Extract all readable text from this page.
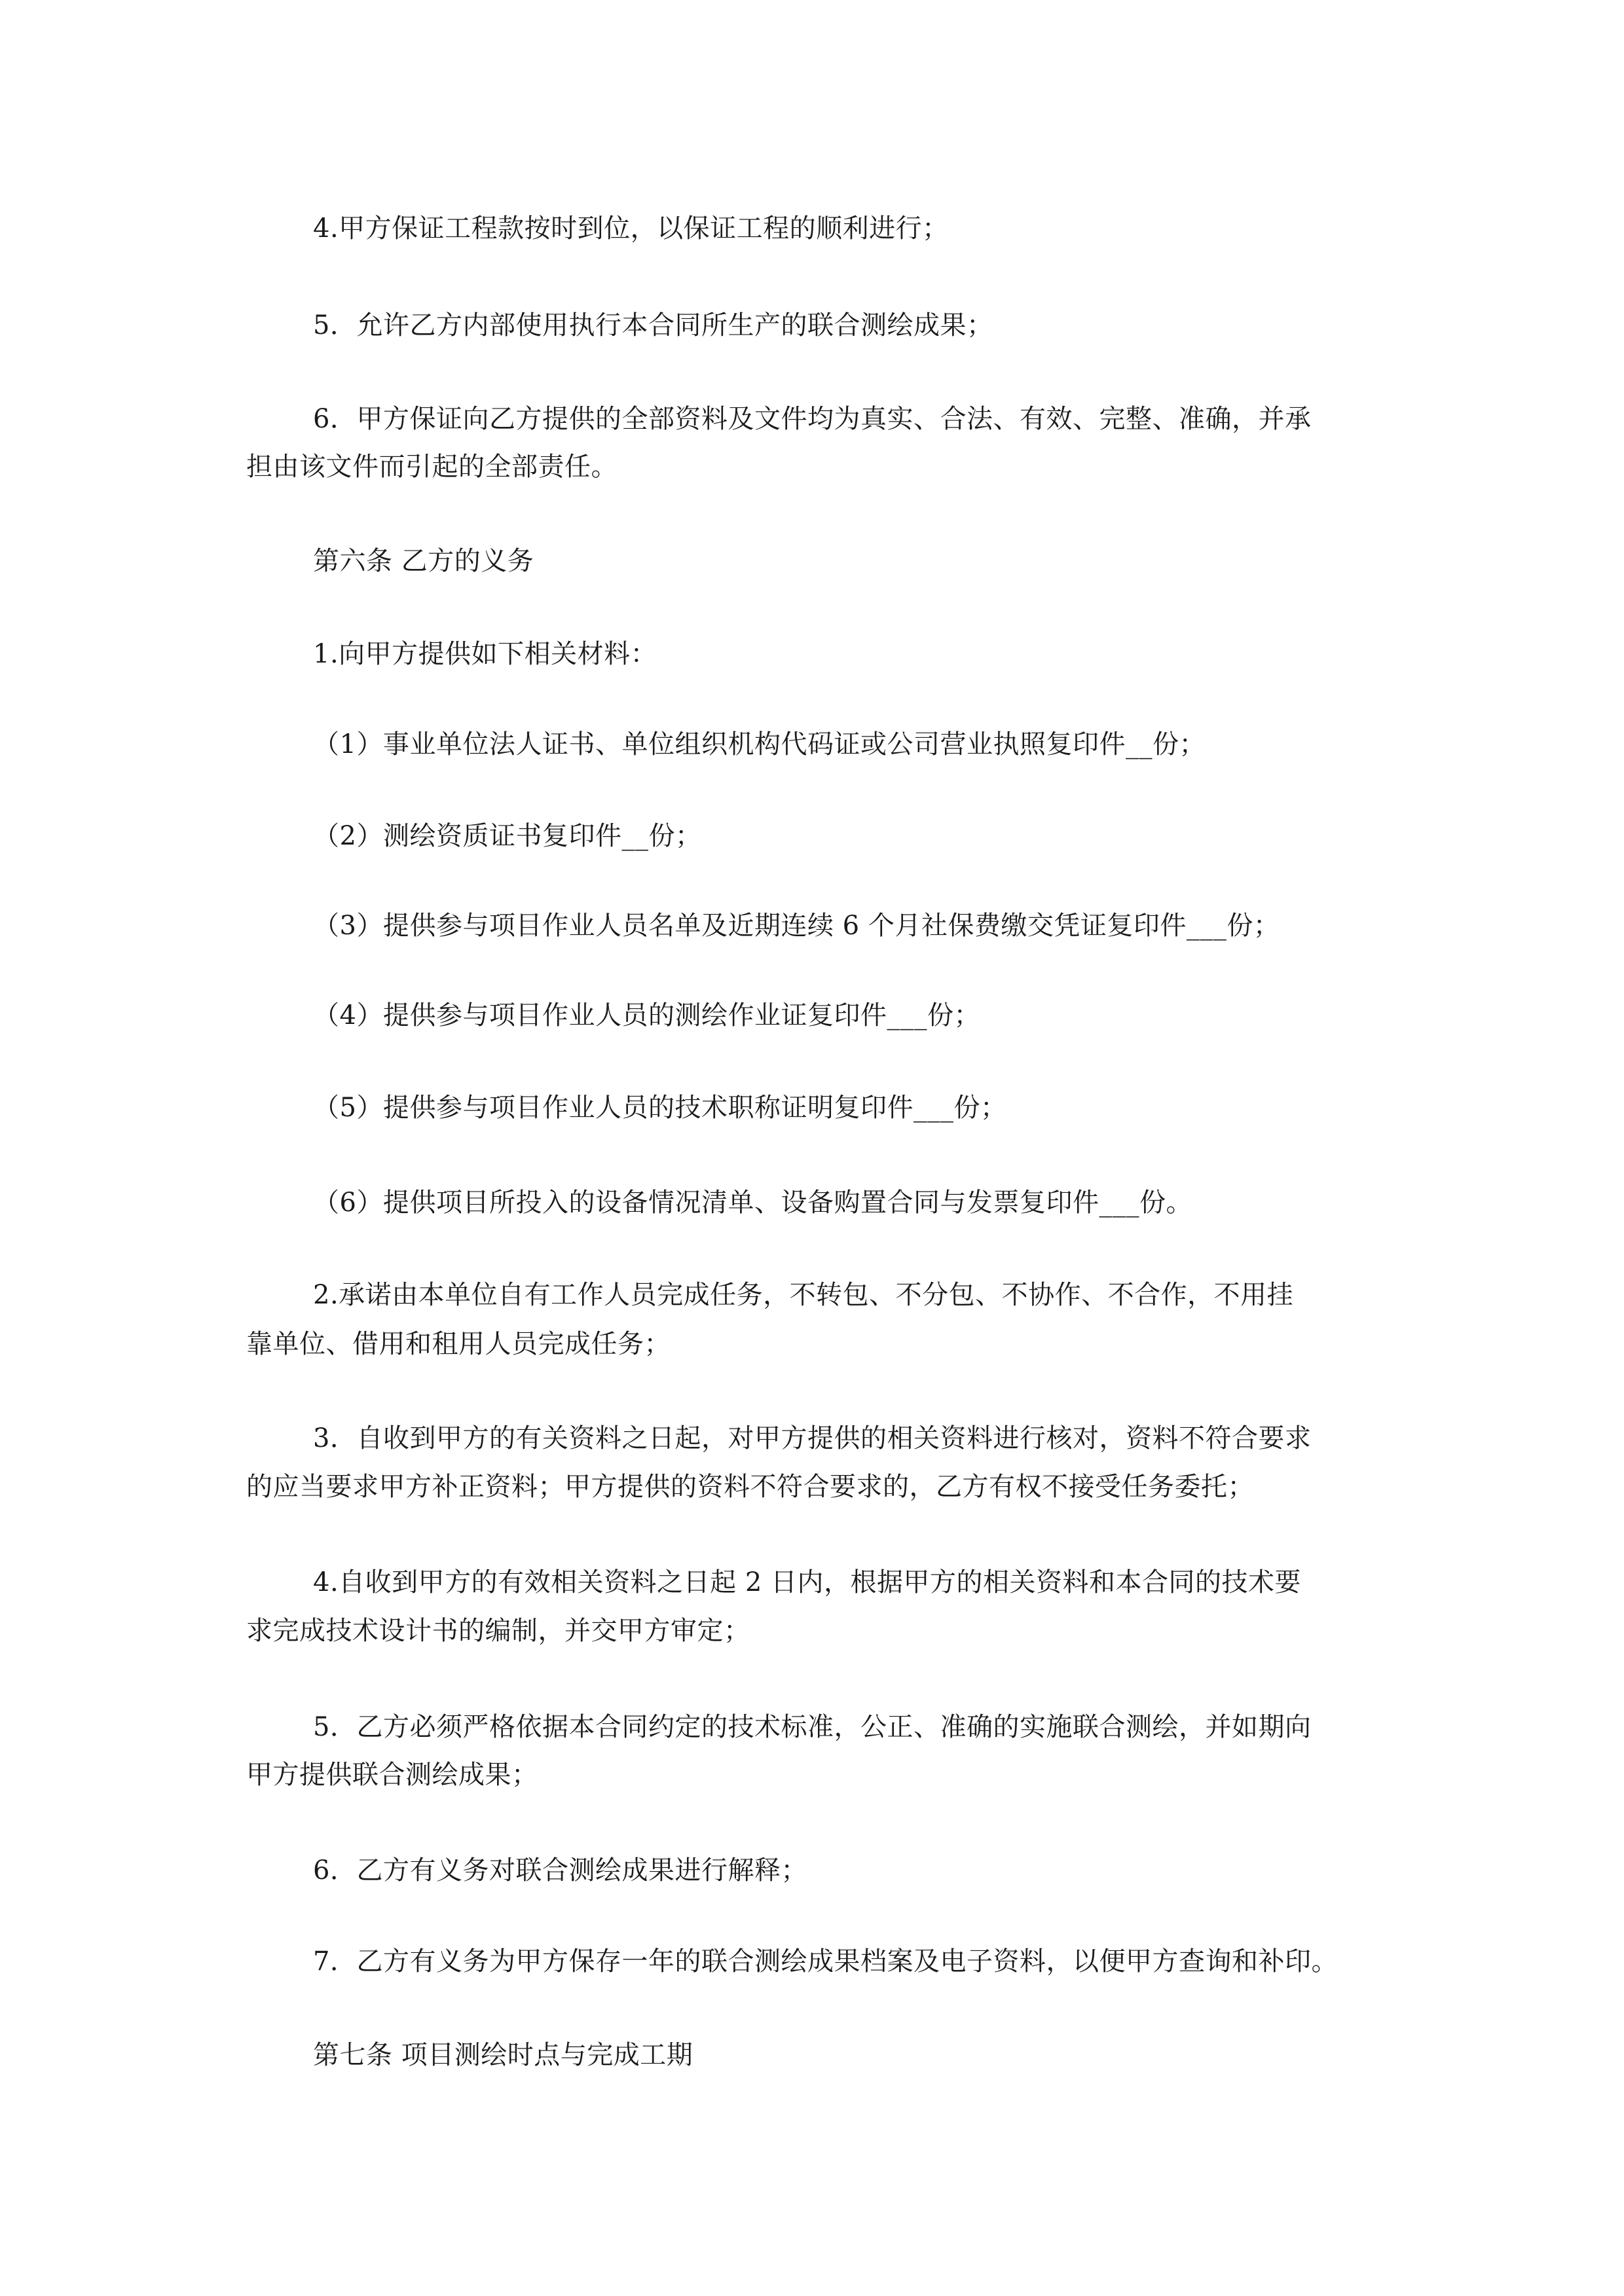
4.甲方保证工程款按时到位，以保证工程的顺利进行；

5．允许乙方内部使用执行本合同所生产的联合测绘成果；

6．甲方保证向乙方提供的全部资料及文件均为真实、合法、有效、完整、准确，并承

担由该文件而引起的全部责任。

第六条 乙方的义务

1.向甲方提供如下相关材料：

（1）事业单位法人证书、单位组织机构代码证或公司营业执照复印件__份；

（2）测绘资质证书复印件__份；

（3）提供参与项目作业人员名单及近期连续 6 个月社保费缴交凭证复印件___份；

（4）提供参与项目作业人员的测绘作业证复印件___份；

（5）提供参与项目作业人员的技术职称证明复印件___份；

（6）提供项目所投入的设备情况清单、设备购置合同与发票复印件___份。

2.承诺由本单位自有工作人员完成任务，不转包、不分包、不协作、不合作，不用挂

靠单位、借用和租用人员完成任务；

3．自收到甲方的有关资料之日起，对甲方提供的相关资料进行核对，资料不符合要求

的应当要求甲方补正资料；甲方提供的资料不符合要求的，乙方有权不接受任务委托；

4.自收到甲方的有效相关资料之日起 2 日内，根据甲方的相关资料和本合同的技术要

求完成技术设计书的编制，并交甲方审定；

5．乙方必须严格依据本合同约定的技术标准，公正、准确的实施联合测绘，并如期向

甲方提供联合测绘成果；

6．乙方有义务对联合测绘成果进行解释；

7．乙方有义务为甲方保存一年的联合测绘成果档案及电子资料，以便甲方查询和补印。

第七条 项目测绘时点与完成工期
